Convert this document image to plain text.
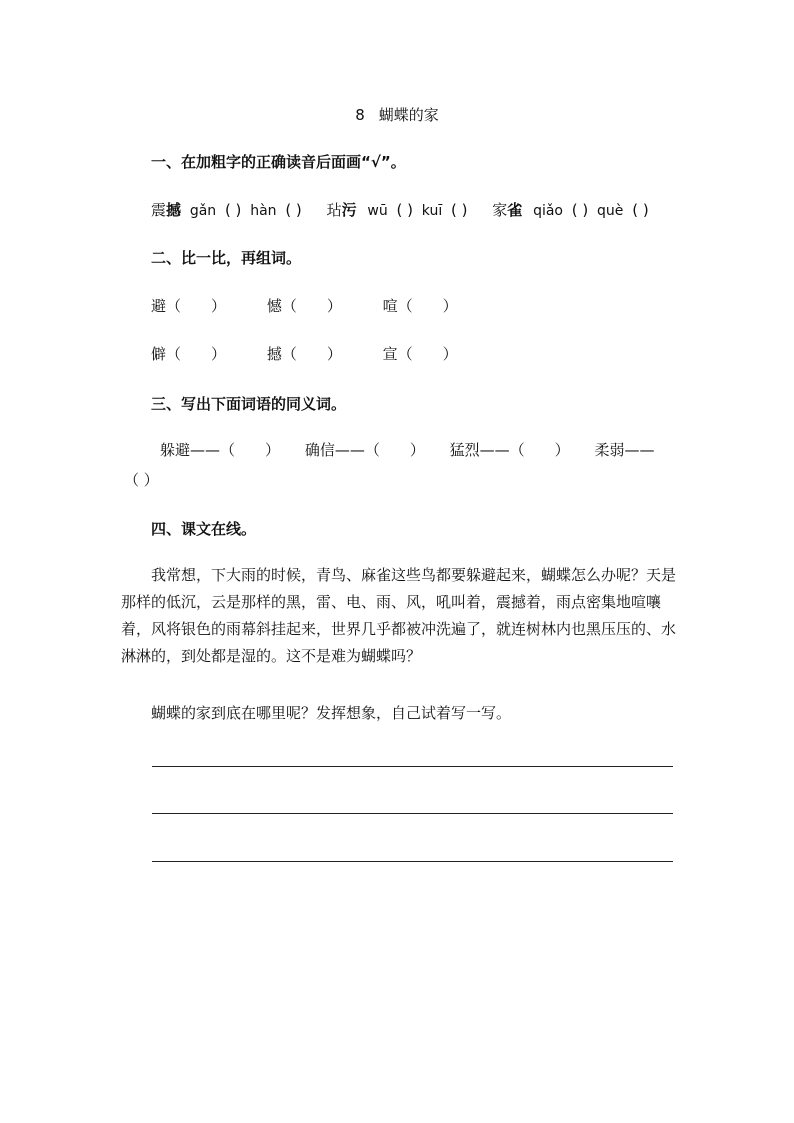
8 蝴蝶的家
一、在加粗字的正确读音后面画“√”。
震撼 gǎn ( ) hàn ( ) 玷污 wū ( ) kuī ( ) 家雀 qiǎo ( ) què ( )
二、比一比，再组词。
避（ ）	憾（ ）	喧（ ）
僻（ ）	撼（ ）	宣（ ）
三、写出下面词语的同义词。
躲避——（ ） 确信——（ ） 猛烈——（ ） 柔弱——
（ ）
四、课文在线。

我常想，下大雨的时候，青鸟、麻雀这些鸟都要躲避起来，蝴蝶怎么办呢？天是那样的低沉，云是那样的黑，雷、电、雨、风，吼叫着，震撼着，雨点密集地喧嚷着，风将银色的雨幕斜挂起来，世界几乎都被冲洗遍了，就连树林内也黑压压的、水淋淋的，到处都是湿的。这不是难为蝴蝶吗？

蝴蝶的家到底在哪里呢？发挥想象，自己试着写一写。
